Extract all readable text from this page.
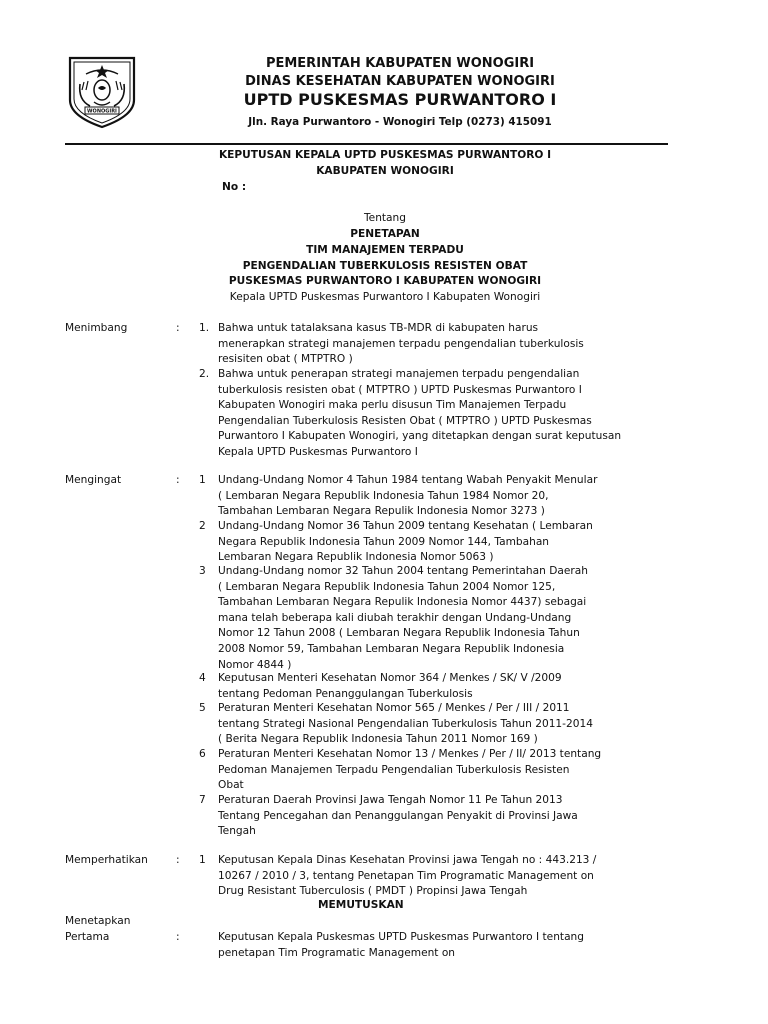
WONOGIRI
PEMERINTAH KABUPATEN WONOGIRI
DINAS KESEHATAN KABUPATEN WONOGIRI
UPTD PUSKESMAS PURWANTORO I
Jln. Raya Purwantoro - Wonogiri Telp (0273) 415091
KEPUTUSAN KEPALA UPTD PUSKESMAS PURWANTORO I
KABUPATEN WONOGIRI
No :
Tentang
PENETAPAN
TIM MANAJEMEN TERPADU
PENGENDALIAN TUBERKULOSIS RESISTEN OBAT
PUSKESMAS PURWANTORO I KABUPATEN WONOGIRI
Kepala UPTD Puskesmas Purwantoro I Kabupaten Wonogiri
Menimbang	: 1. Bahwa untuk tatalaksana kasus TB-MDR di kabupaten harus

menerapkan strategi manajemen terpadu pengendalian tuberkulosis

resisiten obat ( MTPTRO )

2. Bahwa untuk penerapan strategi manajemen terpadu pengendalian

tuberkulosis resisten obat ( MTPTRO ) UPTD Puskesmas Purwantoro I

Kabupaten Wonogiri maka perlu disusun Tim Manajemen Terpadu

Pengendalian Tuberkulosis Resisten Obat ( MTPTRO ) UPTD Puskesmas

Purwantoro I Kabupaten Wonogiri, yang ditetapkan dengan surat keputusan

Kepala UPTD Puskesmas Purwantoro I

Mengingat	: 1 Undang-Undang Nomor 4 Tahun 1984 tentang Wabah Penyakit Menular

( Lembaran Negara Republik Indonesia Tahun 1984 Nomor 20,

Tambahan Lembaran Negara Repulik Indonesia Nomor 3273 )

2 Undang-Undang Nomor 36 Tahun 2009 tentang Kesehatan ( Lembaran

Negara Republik Indonesia Tahun 2009 Nomor 144, Tambahan

Lembaran Negara Republik Indonesia Nomor 5063 )

3 Undang-Undang nomor 32 Tahun 2004 tentang Pemerintahan Daerah

( Lembaran Negara Republik Indonesia Tahun 2004 Nomor 125,

Tambahan Lembaran Negara Repulik Indonesia Nomor 4437) sebagai

mana telah beberapa kali diubah terakhir dengan Undang-Undang

Nomor 12 Tahun 2008 ( Lembaran Negara Republik Indonesia Tahun

2008 Nomor 59, Tambahan Lembaran Negara Republik Indonesia

Nomor 4844 )

4 Keputusan Menteri Kesehatan Nomor 364 / Menkes / SK/ V /2009

tentang Pedoman Penanggulangan Tuberkulosis

5 Peraturan Menteri Kesehatan Nomor 565 / Menkes / Per / III / 2011

tentang Strategi Nasional Pengendalian Tuberkulosis Tahun 2011-2014

( Berita Negara Republik Indonesia Tahun 2011 Nomor 169 )

6 Peraturan Menteri Kesehatan Nomor 13 / Menkes / Per / II/ 2013 tentang

Pedoman Manajemen Terpadu Pengendalian Tuberkulosis Resisten

Obat

7 Peraturan Daerah Provinsi Jawa Tengah Nomor 11 Pe Tahun 2013

Tentang Pencegahan dan Penanggulangan Penyakit di Provinsi Jawa

Tengah

Memperhatikan	: 1 Keputusan Kepala Dinas Kesehatan Provinsi jawa Tengah no : 443.213 /

10267 / 2010 / 3, tentang Penetapan Tim Programatic Management on

Drug Resistant Tuberculosis ( PMDT ) Propinsi Jawa Tengah

MEMUTUSKAN
Menetapkan
Pertama	:	Keputusan Kepala Puskesmas UPTD Puskesmas Purwantoro I tentang

penetapan Tim Programatic Management on
